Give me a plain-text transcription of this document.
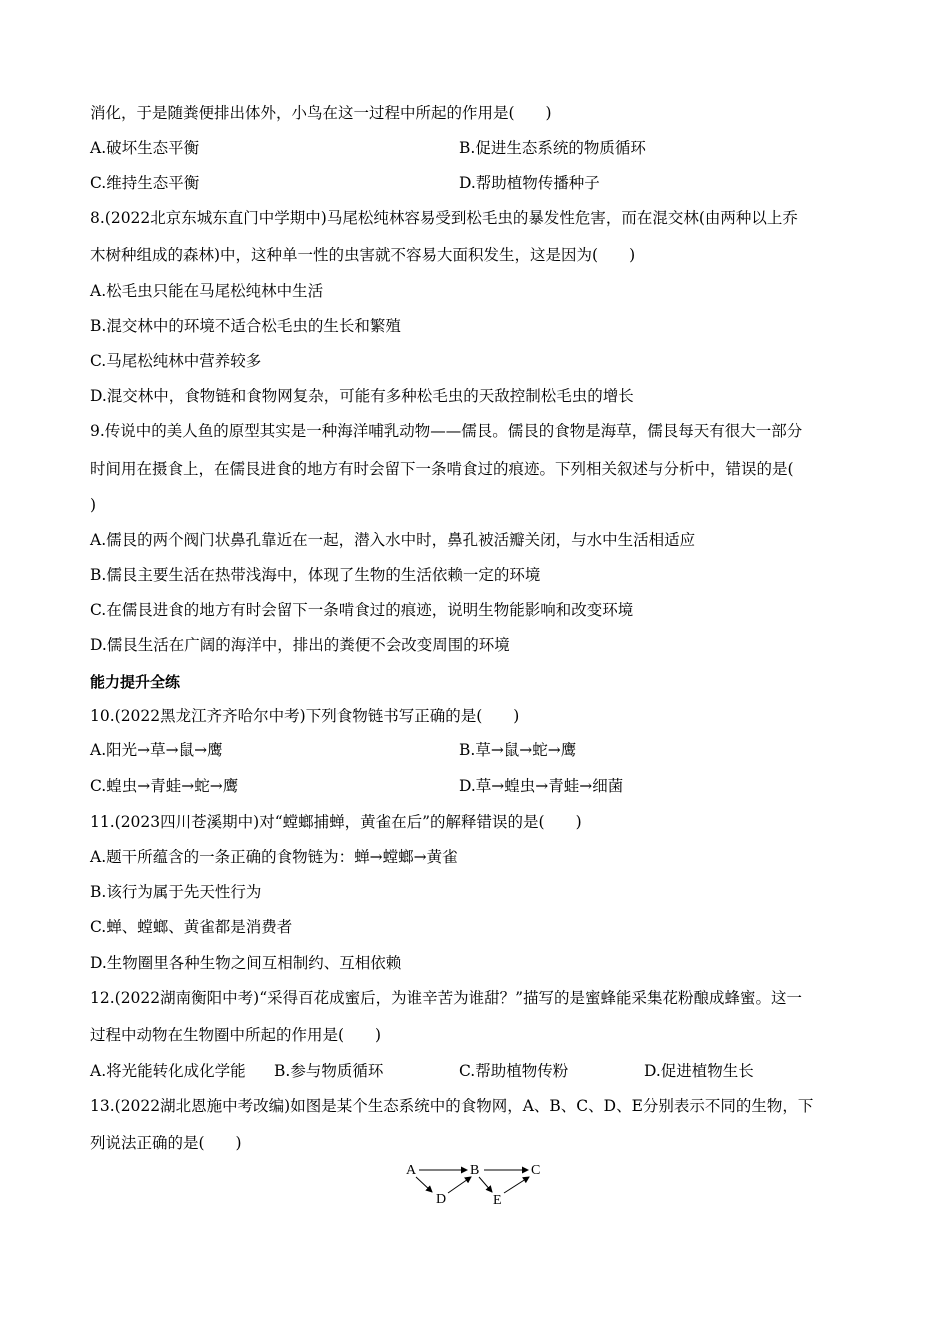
消化，于是随粪便排出体外，小鸟在这一过程中所起的作用是(　　)
A.破坏生态平衡	B.促进生态系统的物质循环
C.维持生态平衡	D.帮助植物传播种子
8.(2022北京东城东直门中学期中)马尾松纯林容易受到松毛虫的暴发性危害，而在混交林(由两种以上乔
木树种组成的森林)中，这种单一性的虫害就不容易大面积发生，这是因为(　　)
A.松毛虫只能在马尾松纯林中生活
B.混交林中的环境不适合松毛虫的生长和繁殖
C.马尾松纯林中营养较多
D.混交林中，食物链和食物网复杂，可能有多种松毛虫的天敌控制松毛虫的增长
9.传说中的美人鱼的原型其实是一种海洋哺乳动物——儒艮。儒艮的食物是海草，儒艮每天有很大一部分
时间用在摄食上，在儒艮进食的地方有时会留下一条啃食过的痕迹。下列相关叙述与分析中，错误的是(
)
A.儒艮的两个阀门状鼻孔靠近在一起，潜入水中时，鼻孔被活瓣关闭，与水中生活相适应
B.儒艮主要生活在热带浅海中，体现了生物的生活依赖一定的环境
C.在儒艮进食的地方有时会留下一条啃食过的痕迹，说明生物能影响和改变环境
D.儒艮生活在广阔的海洋中，排出的粪便不会改变周围的环境
能力提升全练
10.(2022黑龙江齐齐哈尔中考)下列食物链书写正确的是(　　)
A.阳光→草→鼠→鹰	B.草→鼠→蛇→鹰
C.蝗虫→青蛙→蛇→鹰	D.草→蝗虫→青蛙→细菌
11.(2023四川苍溪期中)对“螳螂捕蝉，黄雀在后”的解释错误的是(　　)
A.题干所蕴含的一条正确的食物链为：蝉→螳螂→黄雀
B.该行为属于先天性行为
C.蝉、螳螂、黄雀都是消费者
D.生物圈里各种生物之间互相制约、互相依赖
12.(2022湖南衡阳中考)“采得百花成蜜后，为谁辛苦为谁甜？”描写的是蜜蜂能采集花粉酿成蜂蜜。这一
过程中动物在生物圈中所起的作用是(　　)
A.将光能转化成化学能 B.参与物质循环	C.帮助植物传粉	D.促进植物生长
13.(2022湖北恩施中考改编)如图是某个生态系统中的食物网，A、B、C、D、E分别表示不同的生物，下
列说法正确的是(　　)
A	B	C
D	E
